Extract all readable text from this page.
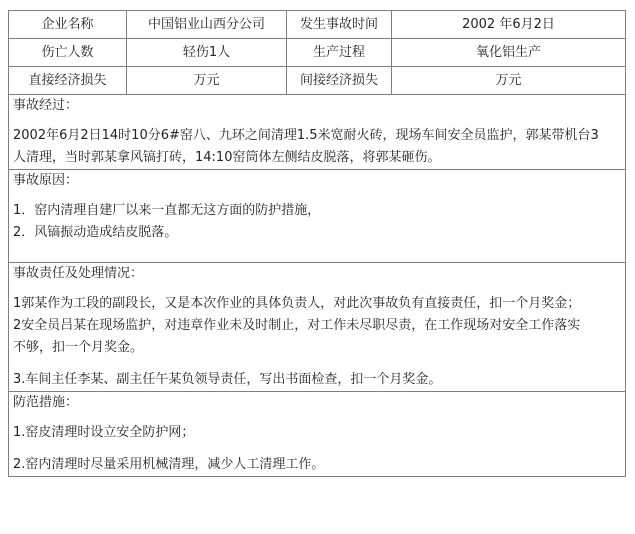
企业名称	中国铝业山西分公司	发生事故时间	2002 年6月2日
伤亡人数	轻伤1人	生产过程	氧化铝生产
直接经济损失	万元	间接经济损失	万元

事故经过：

2002年6月2日14时10分6#窑八、九环之间清理1.5米宽耐火砖，现场车间安全员监护，郭某带机台3

人清理，当时郭某拿风镐打砖，14:10窑筒体左侧结皮脱落，将郭某砸伤。			

事故原因：

1．窑内清理自建厂以来一直都无这方面的防护措施，

2．风镐振动造成结皮脱落。			

事故责任及处理情况：

1郭某作为工段的副段长，又是本次作业的具体负责人，对此次事故负有直接责任，扣一个月奖金；

2安全员吕某在现场监护，对违章作业未及时制止，对工作未尽职尽责，在工作现场对安全工作落实

不够，扣一个月奖金。

3.车间主任李某、副主任午某负领导责任，写出书面检查，扣一个月奖金。			

防范措施：

1.窑皮清理时设立安全防护网；

2.窑内清理时尽量采用机械清理，减少人工清理工作。			
